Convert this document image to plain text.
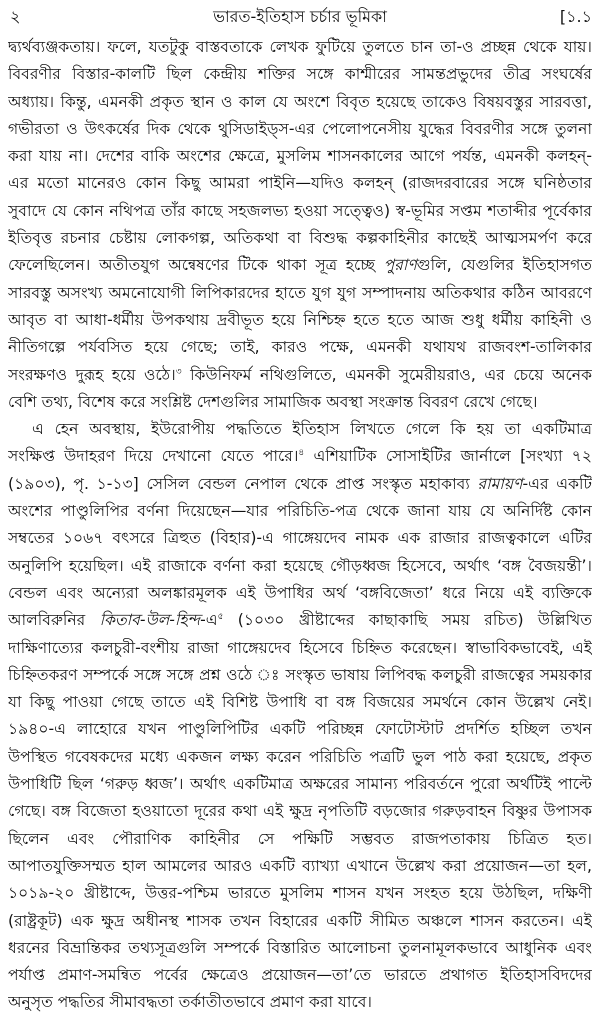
২	ভারত-ইতিহাস চর্চার ভূমিকা	[১.১
দ্ব্যর্থব্যঞ্জকতায়। ফলে, যতটুকু বাস্তবতাকে লেখক ফুটিয়ে তুলতে চান তা-ও প্রচ্ছন্ন থেকে যায়।
বিবরণীর বিস্তার-কালটি ছিল কেন্দ্রীয় শক্তির সঙ্গে কাশ্মীরের সামন্তপ্রভুদের তীব্র সংঘর্ষের
অধ্যায়। কিন্তু, এমনকী প্রকৃত স্থান ও কাল যে অংশে বিবৃত হয়েছে তাকেও বিষয়বস্তুর সারবত্তা,
গভীরতা ও উৎকর্ষের দিক থেকে থুসিডাইড্‌স-এর পেলোপনেসীয় যুদ্ধের বিবরণীর সঙ্গে তুলনা
করা যায় না। দেশের বাকি অংশের ক্ষেত্রে, মুসলিম শাসনকালের আগে পর্যন্ত, এমনকী কলহন্‌-
এর মতো মানেরও কোন কিছু আমরা পাইনি—যদিও কলহন্‌ (রাজদরবারের সঙ্গে ঘনিষ্ঠতার
সুবাদে যে কোন নথিপত্র তাঁর কাছে সহজলভ্য হওয়া সত্ত্বেও) স্ব-ভূমির সপ্তম শতাব্দীর পূর্বেকার
ইতিবৃত্ত রচনার চেষ্টায় লোকগল্প, অতিকথা বা বিশুদ্ধ কল্পকাহিনীর কাছেই আত্মসমর্পণ করে
ফেলেছিলেন। অতীতযুগ অন্বেষণের টিকে থাকা সূত্র হচ্ছে পুরাণগুলি, যেগুলির ইতিহাসগত
সারবস্তু অসংখ্য অমনোযোগী লিপিকারদের হাতে যুগ যুগ সম্পাদনায় অতিকথার কঠিন আবরণে
আবৃত বা আধা-ধর্মীয় উপকথায় দ্রবীভূত হয়ে নিশ্চিহ্ন হতে হতে আজ শুধু ধর্মীয় কাহিনী ও
নীতিগল্পে পর্যবসিত হয়ে গেছে; তাই, কারও পক্ষে, এমনকী যথাযথ রাজবংশ-তালিকার
সংরক্ষণও দুরূহ হয়ে ওঠে।$^৩$ কিউনিফর্ম নথিগুলিতে, এমনকী সুমেরীয়রাও, এর চেয়ে অনেক
বেশি তথ্য, বিশেষ করে সংশ্লিষ্ট দেশগুলির সামাজিক অবস্থা সংক্রান্ত বিবরণ রেখে গেছে।
এ হেন অবস্থায়, ইউরোপীয় পদ্ধতিতে ইতিহাস লিখতে গেলে কি হয় তা একটিমাত্র
সংক্ষিপ্ত উদাহরণ দিয়ে দেখানো যেতে পারে।$^৪$ এশিয়াটিক সোসাইটির জার্নালে [সংখ্যা ৭২
(১৯০৩), পৃ. ১-১৩] সেসিল বেন্ডল নেপাল থেকে প্রাপ্ত সংস্কৃত মহাকাব্য রামায়ণ-এর একটি
অংশের পাণ্ডুলিপির বর্ণনা দিয়েছেন—যার পরিচিতি-পত্র থেকে জানা যায় যে অনির্দিষ্ট কোন
সম্বতের ১০৬৭ বৎসরে ত্রিহুত (বিহার)-এ গাঙ্গেয়দেব নামক এক রাজার রাজত্বকালে এটির
অনুলিপি হয়েছিল। এই রাজাকে বর্ণনা করা হয়েছে গৌড়ধ্বজ হিসেবে, অর্থাৎ ‘বঙ্গ বৈজয়ন্তী’।
বেন্ডল এবং অন্যেরা অলঙ্কারমূলক এই উপাধির অর্থ ‘বঙ্গবিজেতা’ ধরে নিয়ে এই ব্যক্তিকে
আলবিরুনির কিতাব-উল-হিন্দ-এ$^৫$ (১০৩০ খ্রীষ্টাব্দের কাছাকাছি সময় রচিত) উল্লিখিত
দাক্ষিণাত্যের কলচুরী-বংশীয় রাজা গাঙ্গেয়দেব হিসেবে চিহ্নিত করেছেন। স্বাভাবিকভাবেই, এই
চিহ্নিতকরণ সম্পর্কে সঙ্গে সঙ্গে প্রশ্ন ওঠে ঃ সংস্কৃত ভাষায় লিপিবদ্ধ কলচুরী রাজত্বের সময়কার
যা কিছু পাওয়া গেছে তাতে এই বিশিষ্ট উপাধি বা বঙ্গ বিজয়ের সমর্থনে কোন উল্লেখ নেই।
১৯৪০-এ লাহোরে যখন পাণ্ডুলিপিটির একটি পরিচ্ছন্ন ফোটোস্টাট প্রদর্শিত হচ্ছিল তখন
উপস্থিত গবেষকদের মধ্যে একজন লক্ষ্য করেন পরিচিতি পত্রটি ভুল পাঠ করা হয়েছে, প্রকৃত
উপাধিটি ছিল ‘গরুড় ধ্বজ’। অর্থাৎ একটিমাত্র অক্ষরের সামান্য পরিবর্তনে পুরো অর্থটিই পাল্টে
গেছে। বঙ্গ বিজেতা হওয়াতো দূরের কথা এই ক্ষুদ্র নৃপতিটি বড়জোর গরুড়বাহন বিষ্ণুর উপাসক
ছিলেন এবং পৌরাণিক কাহিনীর সে পক্ষিটি সম্ভবত রাজপতাকায় চিত্রিত হত।
আপাতযুক্তিসম্মত হাল আমলের আরও একটি ব্যাখ্যা এখানে উল্লেখ করা প্রয়োজন—তা হল,
১০১৯-২০ খ্রীষ্টাব্দে, উত্তর-পশ্চিম ভারতে মুসলিম শাসন যখন সংহত হয়ে উঠছিল, দক্ষিণী
(রাষ্ট্রকূট) এক ক্ষুদ্র অধীনস্থ শাসক তখন বিহারের একটি সীমিত অঞ্চলে শাসন করতেন। এই
ধরনের বিভ্রান্তিকর তথ্যসূত্রগুলি সম্পর্কে বিস্তারিত আলোচনা তুলনামূলকভাবে আধুনিক এবং
পর্যাপ্ত প্রমাণ-সমন্বিত পর্বের ক্ষেত্রেও প্রয়োজন—তা’তে ভারতে প্রথাগত ইতিহাসবিদদের
অনুসৃত পদ্ধতির সীমাবদ্ধতা তর্কাতীতভাবে প্রমাণ করা যাবে।
